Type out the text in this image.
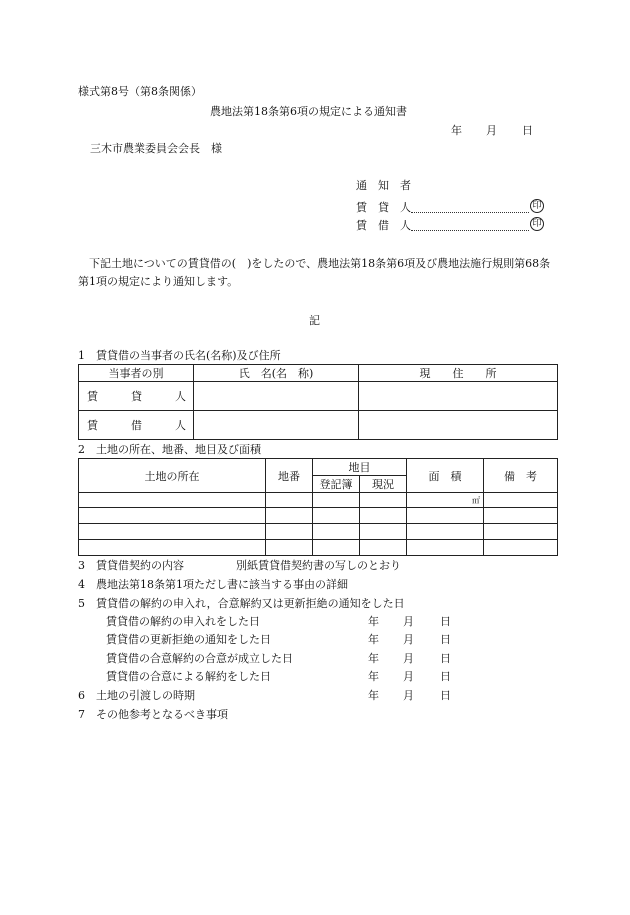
様式第8号（第8条関係）
農地法第18条第6項の規定による通知書
年 月 日
三木市農業委員会会長　様
通　知　者
賃　貸　人	印
賃　借　人	印
下記土地についての賃貸借の(　)をしたので、農地法第18条第6項及び農地法施行規則第68条第1項の規定により通知します。
記
1　賃貸借の当事者の氏名(名称)及び住所
当事者の別	氏　名(名　称)	現　　住　　所
賃　　　貸　　　人		
賃　　　借　　　人		
2　土地の所在、地番、地目及び面積
土地の所在	地番	地目		面　積	備　考
		登記簿	現況		
				㎡	

3　賃貸借契約の内容	別紙賃貸借契約書の写しのとおり
4　農地法第18条第1項ただし書に該当する事由の詳細
5　賃貸借の解約の申入れ，合意解約又は更新拒絶の通知をした日
賃貸借の解約の申入れをした日	年 月 日
賃貸借の更新拒絶の通知をした日	年 月 日
賃貸借の合意解約の合意が成立した日	年 月 日
賃貸借の合意による解約をした日	年 月 日
6　土地の引渡しの時期	年 月 日
7　その他参考となるべき事項
